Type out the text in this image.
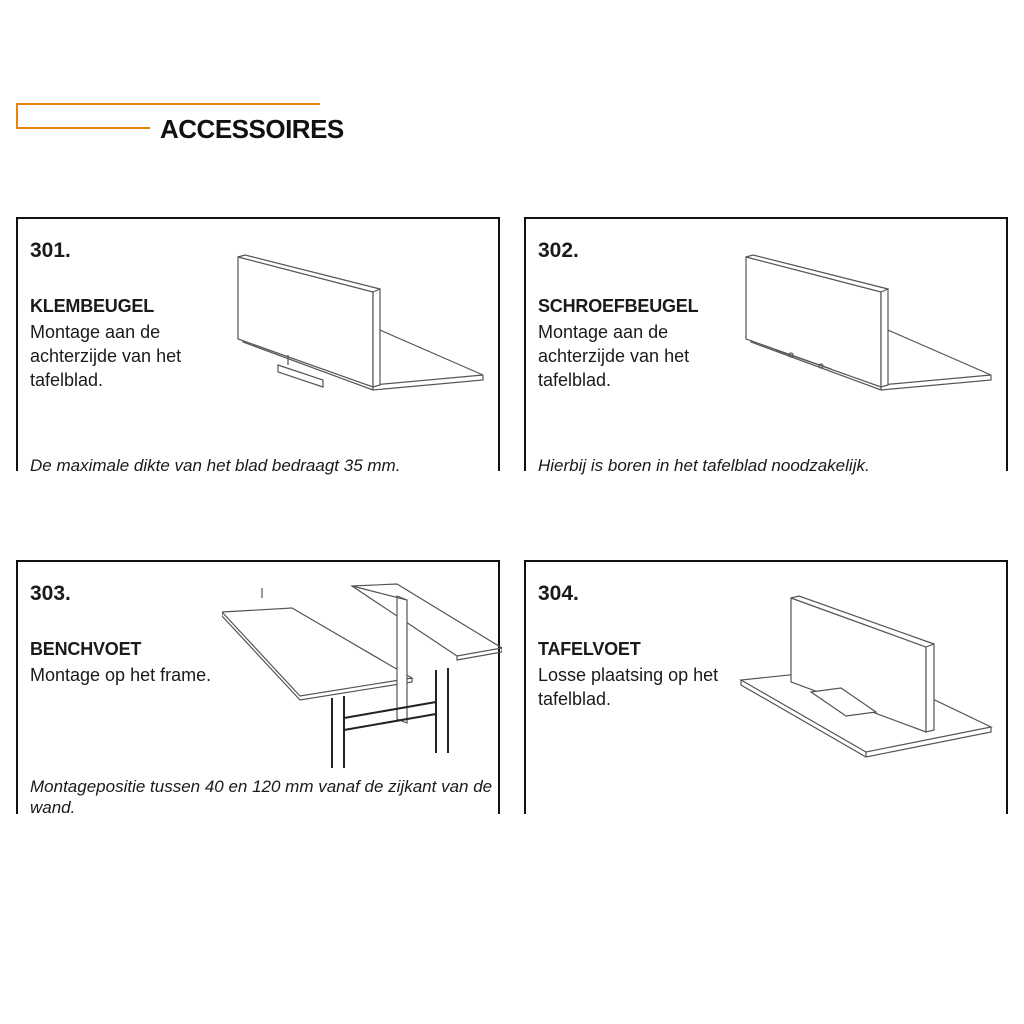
ACCESSOIRES
301.
KLEMBEUGEL
Montage aan de achterzijde van het tafelblad.
De maximale dikte van het blad bedraagt 35 mm.
302.
SCHROEFBEUGEL
Montage aan de achterzijde van het tafelblad.
Hierbij is boren in het tafelblad noodzakelijk.
303.
BENCHVOET
Montage op het frame.
Montagepositie tussen 40 en 120 mm vanaf de zijkant van de wand.
304.
TAFELVOET
Losse plaatsing op het tafelblad.
